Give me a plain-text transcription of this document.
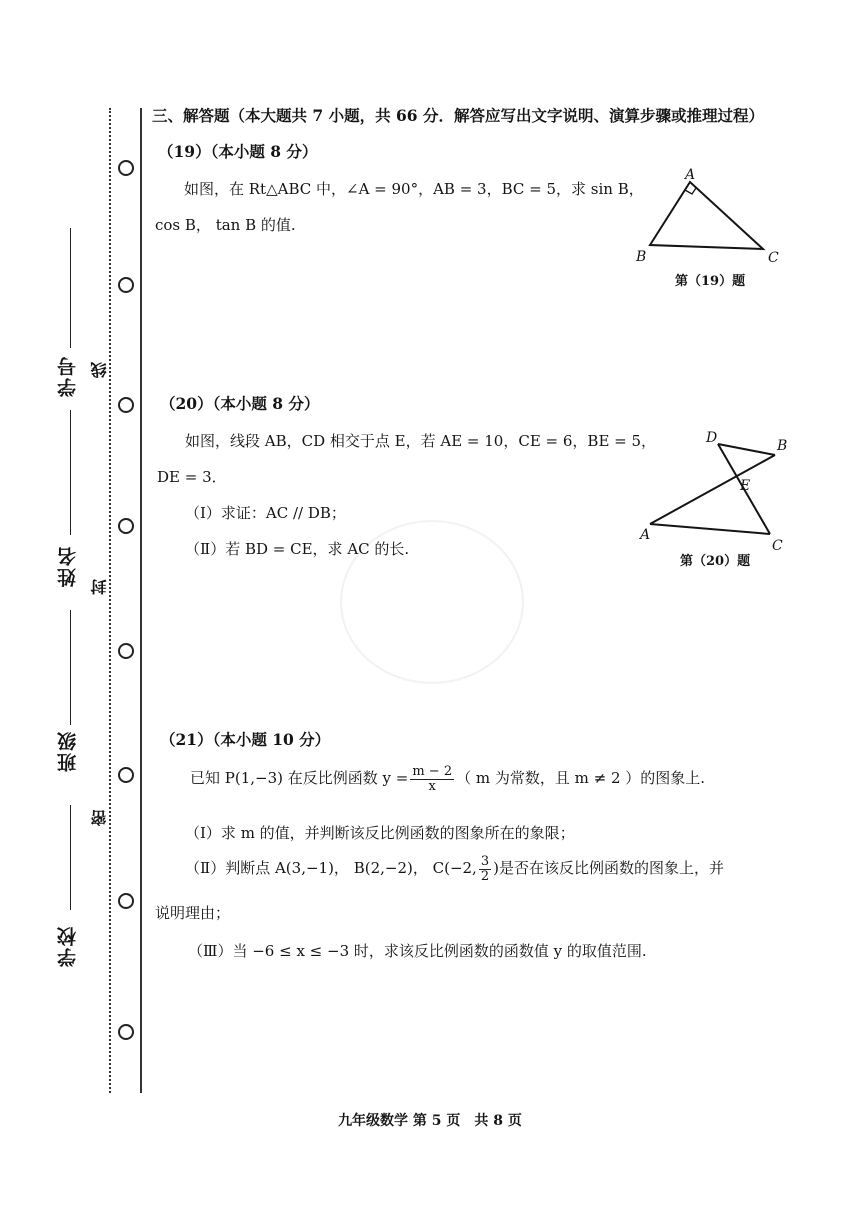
学号
姓名
班级
学校
线
封
密
三、解答题（本大题共 7 小题，共 66 分．解答应写出文字说明、演算步骤或推理过程）
（19）（本小题 8 分）
如图，在 Rt△ABC 中，∠A = 90°，AB = 3，BC = 5，求 sin B，
cos B， tan B 的值.
A
B	C
第（19）题
（20）（本小题 8 分）
如图，线段 AB，CD 相交于点 E，若 AE = 10，CE = 6，BE = 5，
DE = 3．
（Ⅰ）求证：AC // DB；
（Ⅱ）若 BD = CE，求 AC 的长.
D	B
E
A
C
第（20）题
（21）（本小题 10 分）
已知 P(1,−3) 在反比例函数 $y = \frac{m - 2}{x}$ （ m 为常数，且 m ≠ 2 ）的图象上.
（Ⅰ）求 m 的值，并判断该反比例函数的图象所在的象限；
（Ⅱ）判断点 A(3,−1)， B(2,−2)， C(−2, $\frac{3}{2}$ )是否在该反比例函数的图象上，并
说明理由；
（Ⅲ）当 −6 ≤ x ≤ −3 时，求该反比例函数的函数值 y 的取值范围.
九年级数学 第 5 页　共 8 页
